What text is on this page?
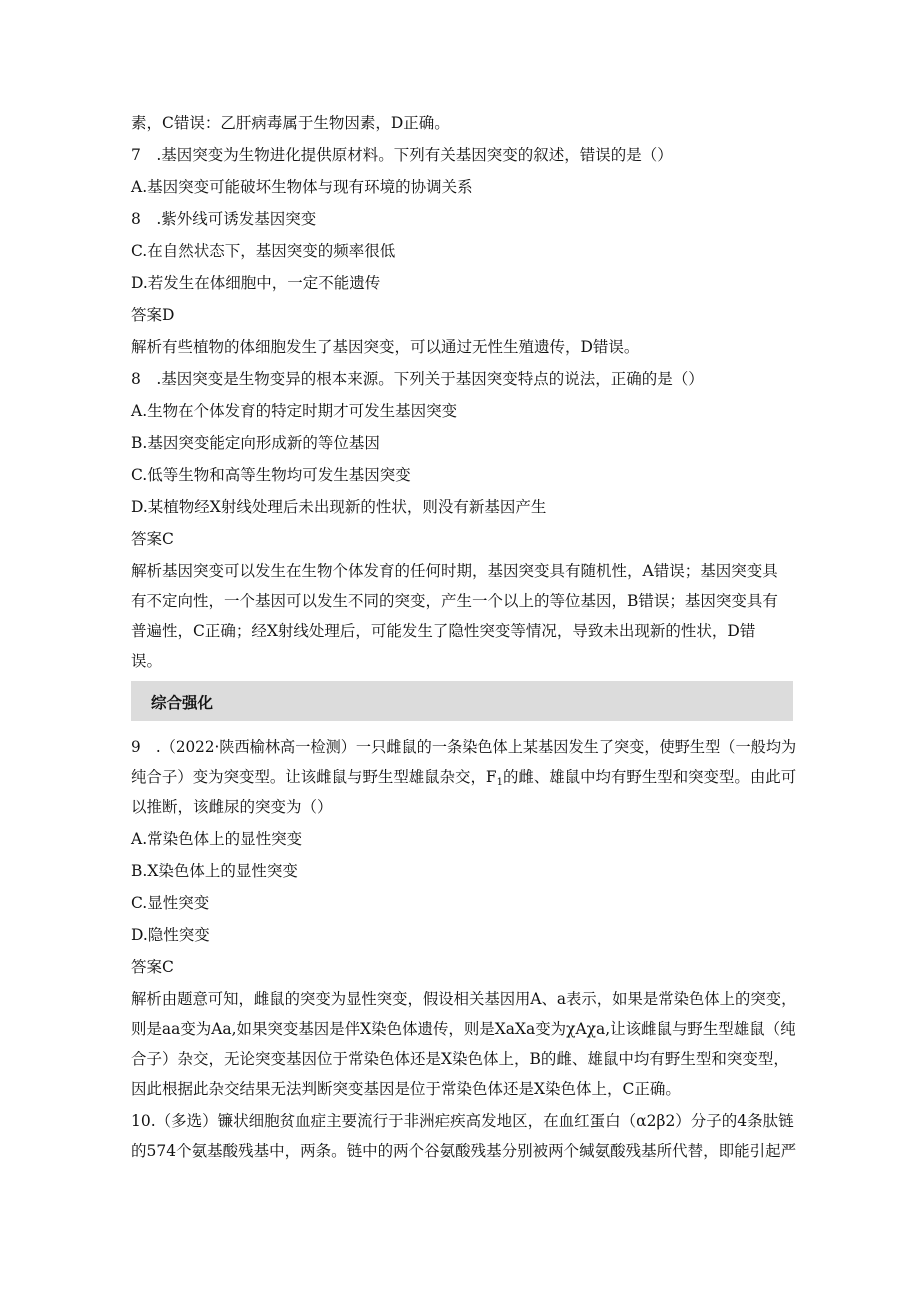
素，C错误：乙肝病毒属于生物因素，D正确。
7　.基因突变为生物进化提供原材料。下列有关基因突变的叙述，错误的是（）
A.基因突变可能破坏生物体与现有环境的协调关系
8　.紫外线可诱发基因突变
C.在自然状态下，基因突变的频率很低
D.若发生在体细胞中，一定不能遗传
答案D
解析有些植物的体细胞发生了基因突变，可以通过无性生殖遗传，D错误。
8　.基因突变是生物变异的根本来源。下列关于基因突变特点的说法，正确的是（）
A.生物在个体发育的特定时期才可发生基因突变
B.基因突变能定向形成新的等位基因
C.低等生物和高等生物均可发生基因突变
D.某植物经X射线处理后未出现新的性状，则没有新基因产生
答案C
解析基因突变可以发生在生物个体发育的任何时期，基因突变具有随机性，A错误；基因突变具
有不定向性，一个基因可以发生不同的突变，产生一个以上的等位基因，B错误；基因突变具有
普遍性，C正确；经X射线处理后，可能发生了隐性突变等情况，导致未出现新的性状，D错
误。
综合强化
9　.（2022·陕西榆林高一检测）一只雌鼠的一条染色体上某基因发生了突变，使野生型（一般均为
纯合子）变为突变型。让该雌鼠与野生型雄鼠杂交，$F_1$的雌、雄鼠中均有野生型和突变型。由此可
以推断，该雌尿的突变为（）
A.常染色体上的显性突变
B.X染色体上的显性突变
C.显性突变
D.隐性突变
答案C
解析由题意可知，雌鼠的突变为显性突变，假设相关基因用A、a表示，如果是常染色体上的突变，
则是aa变为Aa,如果突变基因是伴X染色体遗传，则是XaXa变为χAχa,让该雌鼠与野生型雄鼠（纯
合子）杂交，无论突变基因位于常染色体还是X染色体上，B的雌、雄鼠中均有野生型和突变型，
因此根据此杂交结果无法判断突变基因是位于常染色体还是X染色体上，C正确。
10.（多选）镰状细胞贫血症主要流行于非洲疟疾高发地区，在血红蛋白（α2β2）分子的4条肽链
的574个氨基酸残基中，两条。链中的两个谷氨酸残基分别被两个缄氨酸残基所代替，即能引起严
